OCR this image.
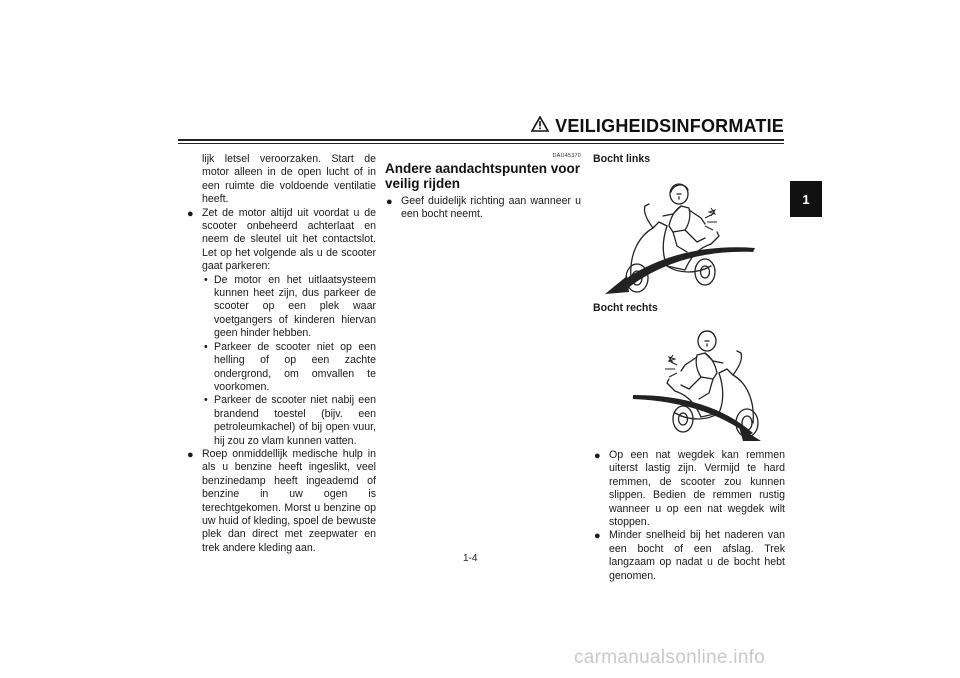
VEILIGHEIDSINFORMATIE
1

lijk letsel veroorzaken. Start de motor alleen in de open lucht of in een ruimte die voldoende ventilatie heeft.

● Zet de motor altijd uit voordat u de scooter onbeheerd achterlaat en neem de sleutel uit het contactslot. Let op het volgende als u de scooter gaat parkeren:

• De motor en het uitlaatsysteem kunnen heet zijn, dus parkeer de scooter op een plek waar voetgangers of kinderen hiervan geen hinder hebben.

• Parkeer de scooter niet op een helling of op een zachte ondergrond, om omvallen te voorkomen.

• Parkeer de scooter niet nabij een brandend toestel (bijv. een petroleumkachel) of bij open vuur, hij zou zo vlam kunnen vatten.

● Roep onmiddellijk medische hulp in als u benzine heeft ingeslikt, veel benzinedamp heeft ingeademd of benzine in uw ogen is terechtgekomen. Morst u benzine op uw huid of kleding, spoel de bewuste plek dan direct met zeepwater en trek andere kleding aan.

DAU45370
Andere aandachtspunten voor veilig rijden
● Geef duidelijk richting aan wanneer u een bocht neemt.

Bocht links
Bocht rechts
● Op een nat wegdek kan remmen uiterst lastig zijn. Vermijd te hard remmen, de scooter zou kunnen slippen. Bedien de remmen rustig wanneer u op een nat wegdek wilt stoppen.

● Minder snelheid bij het naderen van een bocht of een afslag. Trek langzaam op nadat u de bocht hebt genomen.

1-4
carmanualsonline.info
